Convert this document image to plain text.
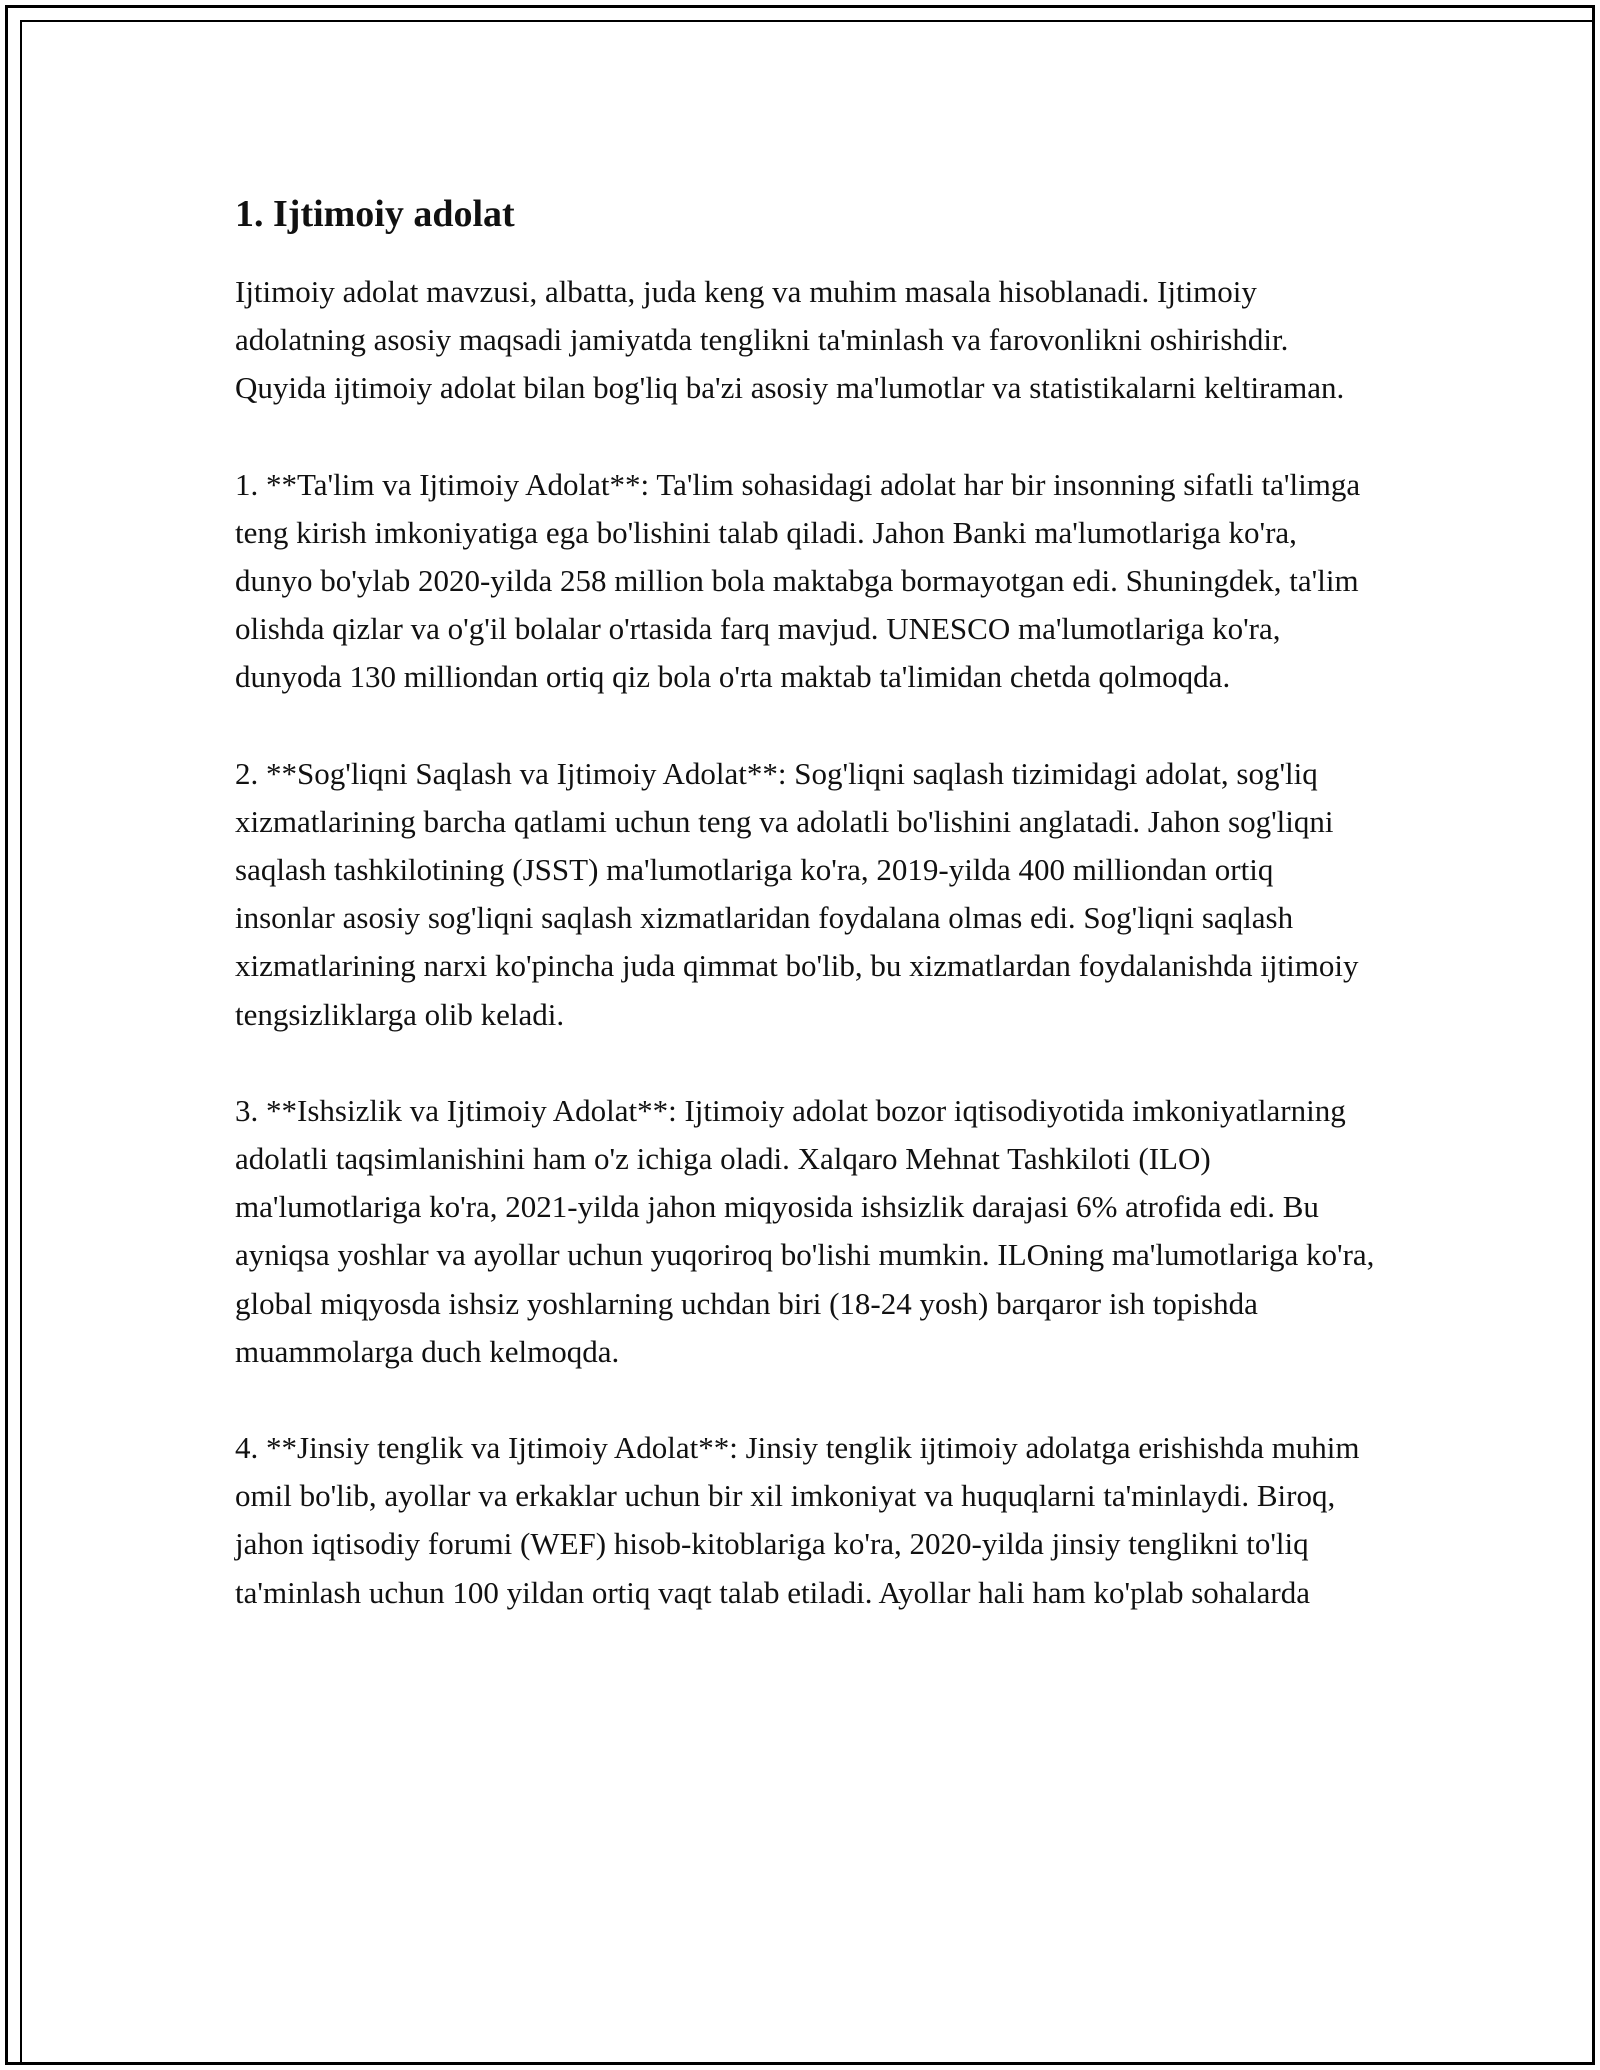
1. Ijtimoiy adolat

Ijtimoiy adolat mavzusi, albatta, juda keng va muhim masala hisoblanadi. Ijtimoiy adolatning asosiy maqsadi jamiyatda tenglikni ta'minlash va farovonlikni oshirishdir. Quyida ijtimoiy adolat bilan bog'liq ba'zi asosiy ma'lumotlar va statistikalarni keltiraman.

1. **Ta'lim va Ijtimoiy Adolat**: Ta'lim sohasidagi adolat har bir insonning sifatli ta'limga teng kirish imkoniyatiga ega bo'lishini talab qiladi. Jahon Banki ma'lumotlariga ko'ra, dunyo bo'ylab 2020-yilda 258 million bola maktabga bormayotgan edi. Shuningdek, ta'lim olishda qizlar va o'g'il bolalar o'rtasida farq mavjud. UNESCO ma'lumotlariga ko'ra, dunyoda 130 milliondan ortiq qiz bola o'rta maktab ta'limidan chetda qolmoqda.

2. **Sog'liqni Saqlash va Ijtimoiy Adolat**: Sog'liqni saqlash tizimidagi adolat, sog'liq xizmatlarining barcha qatlami uchun teng va adolatli bo'lishini anglatadi. Jahon sog'liqni saqlash tashkilotining (JSST) ma'lumotlariga ko'ra, 2019-yilda 400 milliondan ortiq insonlar asosiy sog'liqni saqlash xizmatlaridan foydalana olmas edi. Sog'liqni saqlash xizmatlarining narxi ko'pincha juda qimmat bo'lib, bu xizmatlardan foydalanishda ijtimoiy tengsizliklarga olib keladi.

3. **Ishsizlik va Ijtimoiy Adolat**: Ijtimoiy adolat bozor iqtisodiyotida imkoniyatlarning adolatli taqsimlanishini ham o'z ichiga oladi. Xalqaro Mehnat Tashkiloti (ILO) ma'lumotlariga ko'ra, 2021-yilda jahon miqyosida ishsizlik darajasi 6% atrofida edi. Bu ayniqsa yoshlar va ayollar uchun yuqoriroq bo'lishi mumkin. ILOning ma'lumotlariga ko'ra, global miqyosda ishsiz yoshlarning uchdan biri (18-24 yosh) barqaror ish topishda muammolarga duch kelmoqda.

4. **Jinsiy tenglik va Ijtimoiy Adolat**: Jinsiy tenglik ijtimoiy adolatga erishishda muhim omil bo'lib, ayollar va erkaklar uchun bir xil imkoniyat va huquqlarni ta'minlaydi. Biroq, jahon iqtisodiy forumi (WEF) hisob-kitoblariga ko'ra, 2020-yilda jinsiy tenglikni to'liq ta'minlash uchun 100 yildan ortiq vaqt talab etiladi. Ayollar hali ham ko'plab sohalarda
